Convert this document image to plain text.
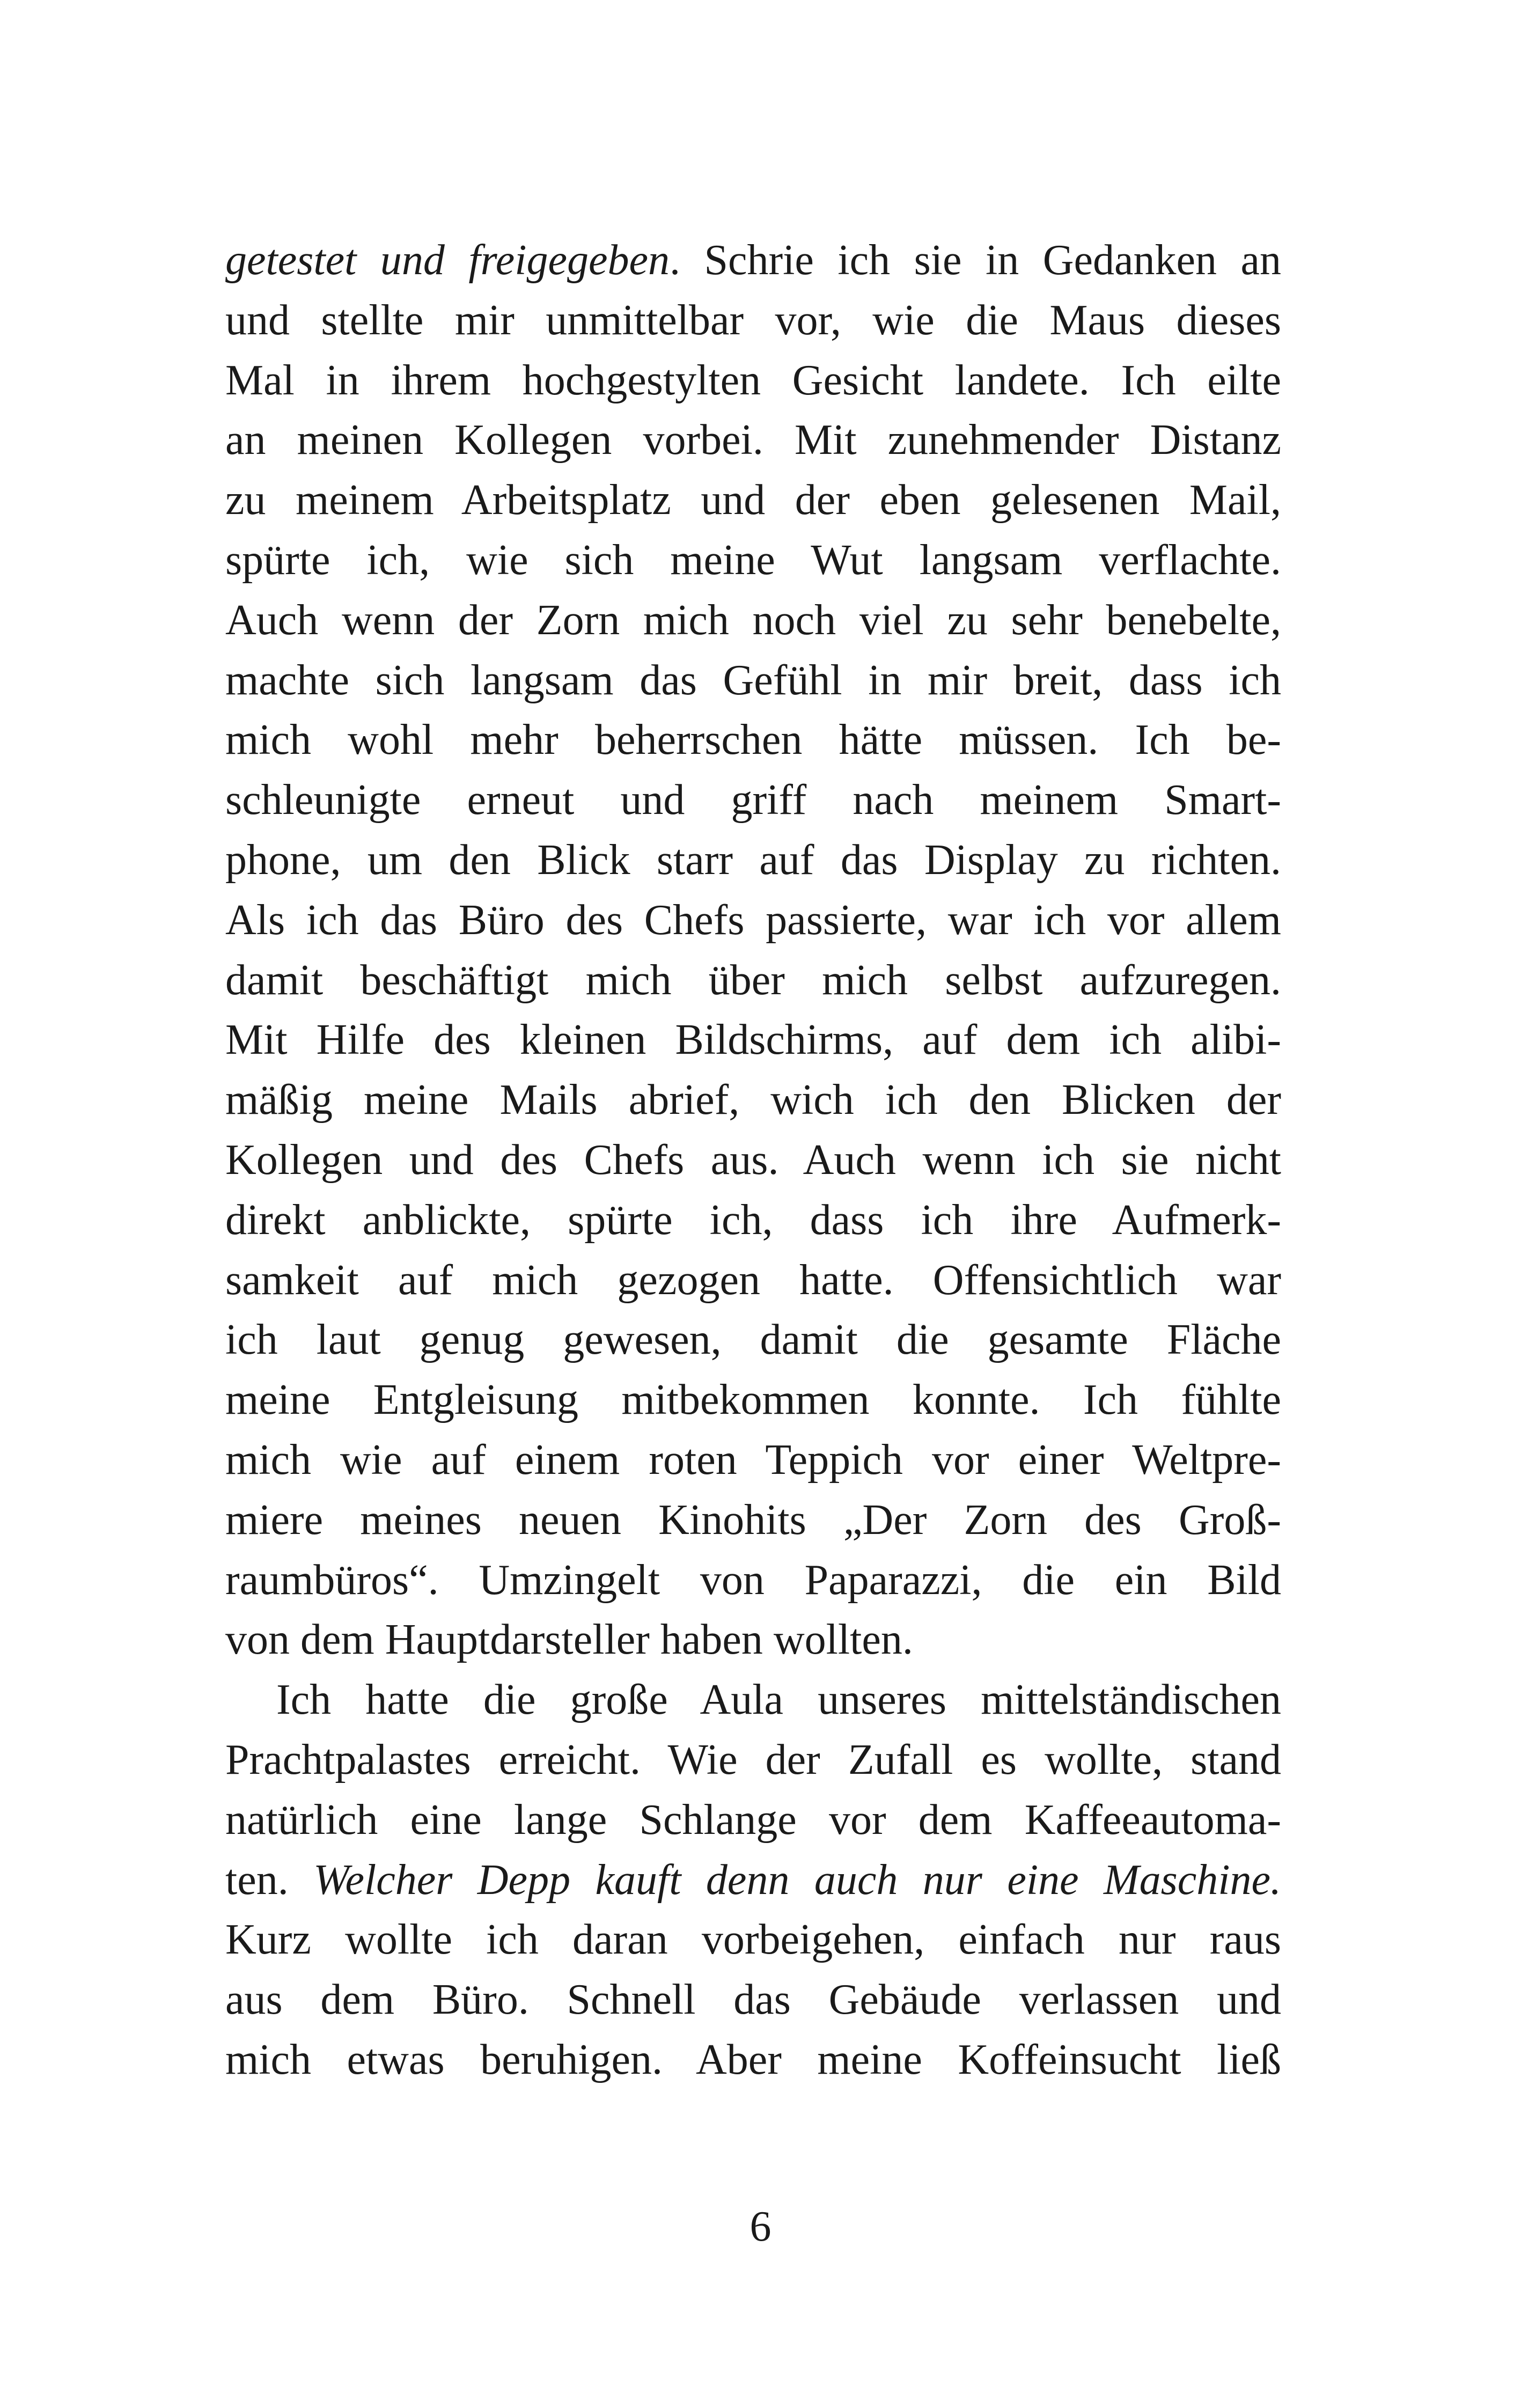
getestet und freigegeben. Schrie ich sie in Gedanken an
und stellte mir unmittelbar vor, wie die Maus dieses
Mal in ihrem hochgestylten Gesicht landete. Ich eilte
an meinen Kollegen vorbei. Mit zunehmender Distanz
zu meinem Arbeitsplatz und der eben gelesenen Mail,
spürte ich, wie sich meine Wut langsam verflachte.
Auch wenn der Zorn mich noch viel zu sehr benebelte,
machte sich langsam das Gefühl in mir breit, dass ich
mich wohl mehr beherrschen hätte müssen. Ich be-
schleunigte erneut und griff nach meinem Smart-
phone, um den Blick starr auf das Display zu richten.
Als ich das Büro des Chefs passierte, war ich vor allem
damit beschäftigt mich über mich selbst aufzuregen.
Mit Hilfe des kleinen Bildschirms, auf dem ich alibi-
mäßig meine Mails abrief, wich ich den Blicken der
Kollegen und des Chefs aus. Auch wenn ich sie nicht
direkt anblickte, spürte ich, dass ich ihre Aufmerk-
samkeit auf mich gezogen hatte. Offensichtlich war
ich laut genug gewesen, damit die gesamte Fläche
meine Entgleisung mitbekommen konnte. Ich fühlte
mich wie auf einem roten Teppich vor einer Weltpre-
miere meines neuen Kinohits „Der Zorn des Groß-
raumbüros“. Umzingelt von Paparazzi, die ein Bild
von dem Hauptdarsteller haben wollten.
Ich hatte die große Aula unseres mittelständischen
Prachtpalastes erreicht. Wie der Zufall es wollte, stand
natürlich eine lange Schlange vor dem Kaffeeautoma-
ten. Welcher Depp kauft denn auch nur eine Maschine.
Kurz wollte ich daran vorbeigehen, einfach nur raus
aus dem Büro. Schnell das Gebäude verlassen und
mich etwas beruhigen. Aber meine Koffeinsucht ließ
6
